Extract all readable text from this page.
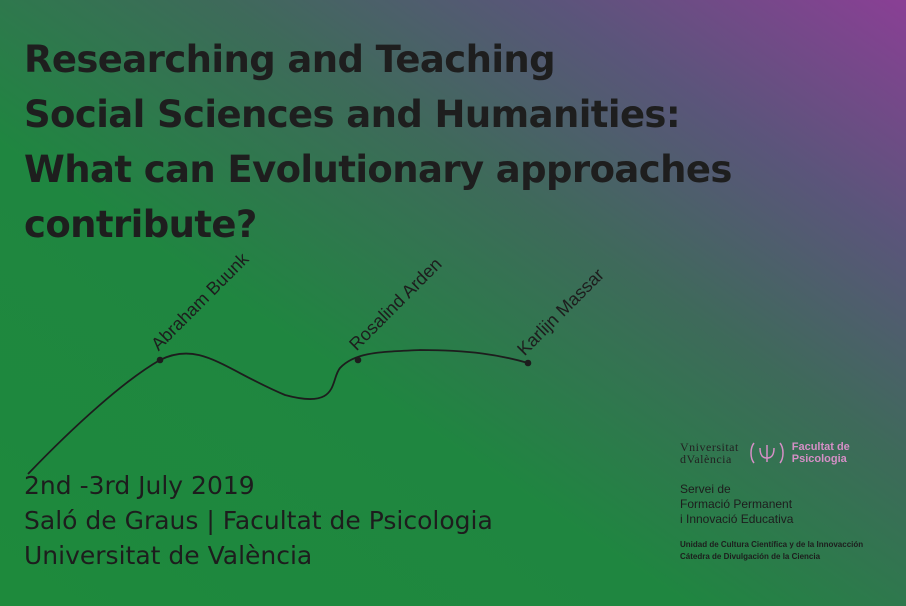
Researching and Teaching
Social Sciences and Humanities:
What can Evolutionary approaches
contribute?
Abraham Buunk	Rosalind Arden	Karlijn Massar
2nd -3rd July 2019
Saló de Graus | Facultat de Psicologia
Universitat de València
Vniversitat
dValència

Facultat de
Psicologia
Servei de
Formació Permanent
i Innovació Educativa
Unidad de Cultura Científica y de la Innovacción
Cátedra de Divulgación de la Ciencia
